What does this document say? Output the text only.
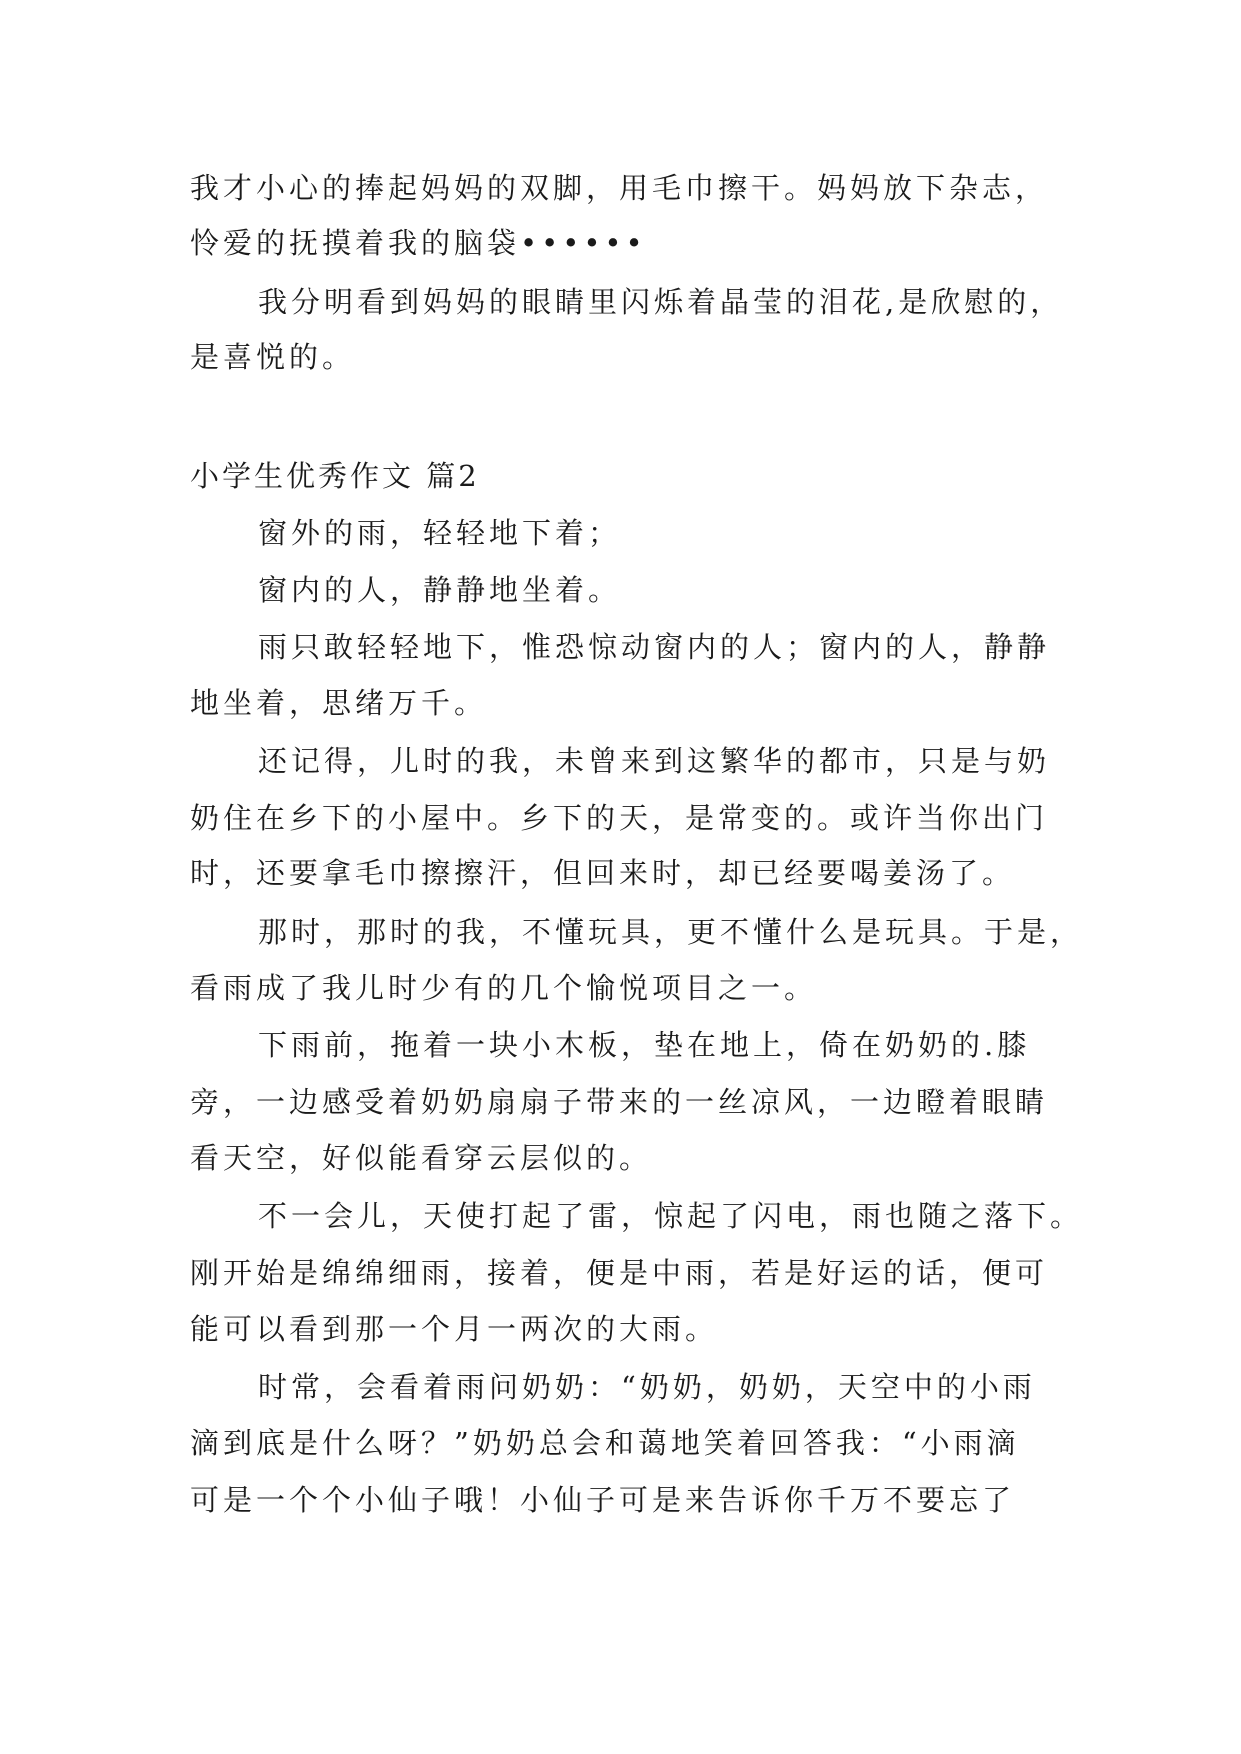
我才小心的捧起妈妈的双脚，用毛巾擦干。妈妈放下杂志，
怜爱的抚摸着我的脑袋••••••
我分明看到妈妈的眼睛里闪烁着晶莹的泪花,是欣慰的，
是喜悦的。
小学生优秀作文 篇2
窗外的雨，轻轻地下着；
窗内的人，静静地坐着。
雨只敢轻轻地下，惟恐惊动窗内的人；窗内的人，静静
地坐着，思绪万千。
还记得，儿时的我，未曾来到这繁华的都市，只是与奶
奶住在乡下的小屋中。乡下的天，是常变的。或许当你出门
时，还要拿毛巾擦擦汗，但回来时，却已经要喝姜汤了。
那时，那时的我，不懂玩具，更不懂什么是玩具。于是，
看雨成了我儿时少有的几个愉悦项目之一。
下雨前，拖着一块小木板，垫在地上，倚在奶奶的.膝
旁，一边感受着奶奶扇扇子带来的一丝凉风，一边瞪着眼睛
看天空，好似能看穿云层似的。
不一会儿，天使打起了雷，惊起了闪电，雨也随之落下。
刚开始是绵绵细雨，接着，便是中雨，若是好运的话，便可
能可以看到那一个月一两次的大雨。
时常，会看着雨问奶奶：“奶奶，奶奶，天空中的小雨
滴到底是什么呀？”奶奶总会和蔼地笑着回答我：“小雨滴
可是一个个小仙子哦！小仙子可是来告诉你千万不要忘了
